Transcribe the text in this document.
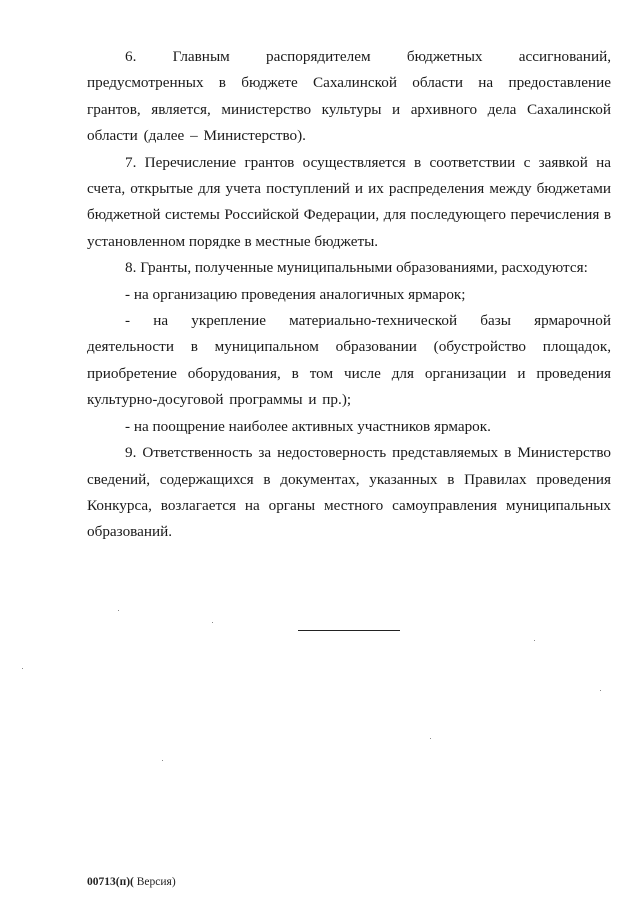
6. Главным распорядителем бюджетных ассигнований, предусмотренных в бюджете Сахалинской области на предоставление грантов, является, министерство культуры и архивного дела Сахалинской области (далее – Министерство).

7. Перечисление грантов осуществляется в соответствии с заявкой на счета, открытые для учета поступлений и их распределения между бюджетами бюджетной системы Российской Федерации, для последующего перечисления в установленном порядке в местные бюджеты.

8. Гранты, полученные муниципальными образованиями, расходуются:

- на организацию проведения аналогичных ярмарок;

- на укрепление материально-технической базы ярмарочной деятельности в муниципальном образовании (обустройство площадок, приобретение оборудования, в том числе для организации и проведения культурно-досуговой программы и пр.);

- на поощрение наиболее активных участников ярмарок.

9. Ответственность за недостоверность представляемых в Министерство сведений, содержащихся в документах, указанных в Правилах проведения Конкурса, возлагается на органы местного самоуправления муниципальных образований.

00713(п)( Версия)
